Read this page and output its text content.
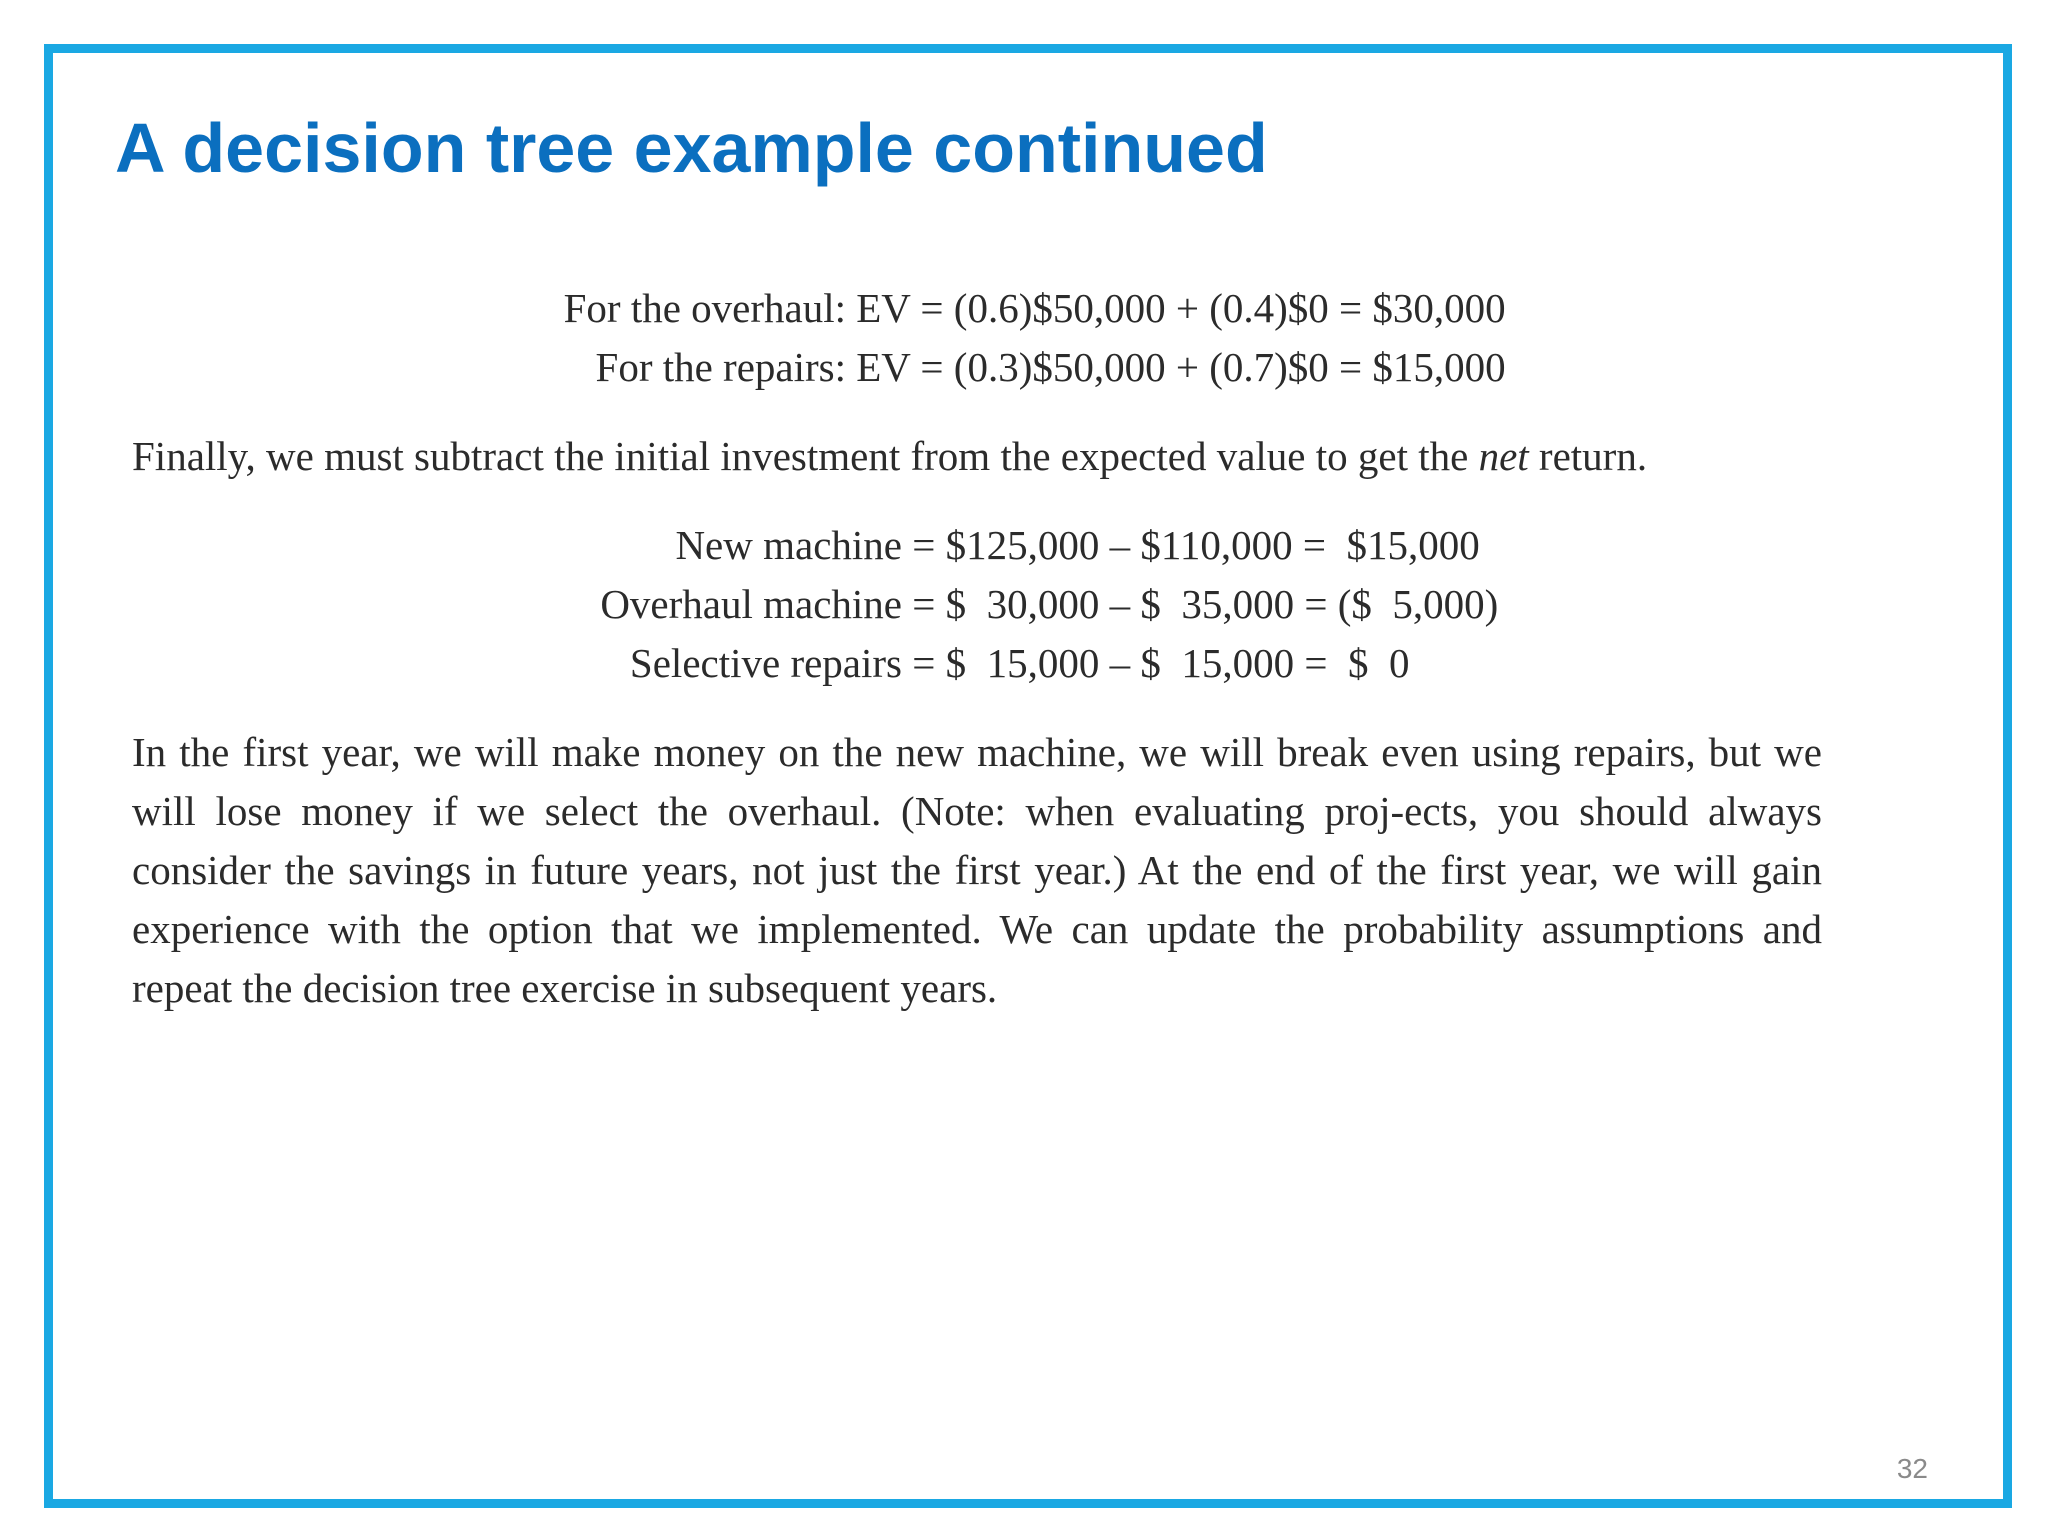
A decision tree example continued
For the overhaul: EV = (0.6)$50,000 + (0.4)$0 = $30,000
For the repairs: EV = (0.3)$50,000 + (0.7)$0 = $15,000

Finally, we must subtract the initial investment from the expected value to get the net return.

New machine = $125,000 – $110,000 =  $15,000
Overhaul machine = $  30,000 – $  35,000 = ($  5,000)
Selective repairs = $  15,000 – $  15,000 =  $  0

In the first year, we will make money on the new machine, we will break even using repairs, but we will lose money if we select the overhaul. (Note: when evaluating proj-ects, you should always consider the savings in future years, not just the first year.) At the end of the first year, we will gain experience with the option that we implemented. We can update the probability assumptions and repeat the decision tree exercise in subsequent years.

32
